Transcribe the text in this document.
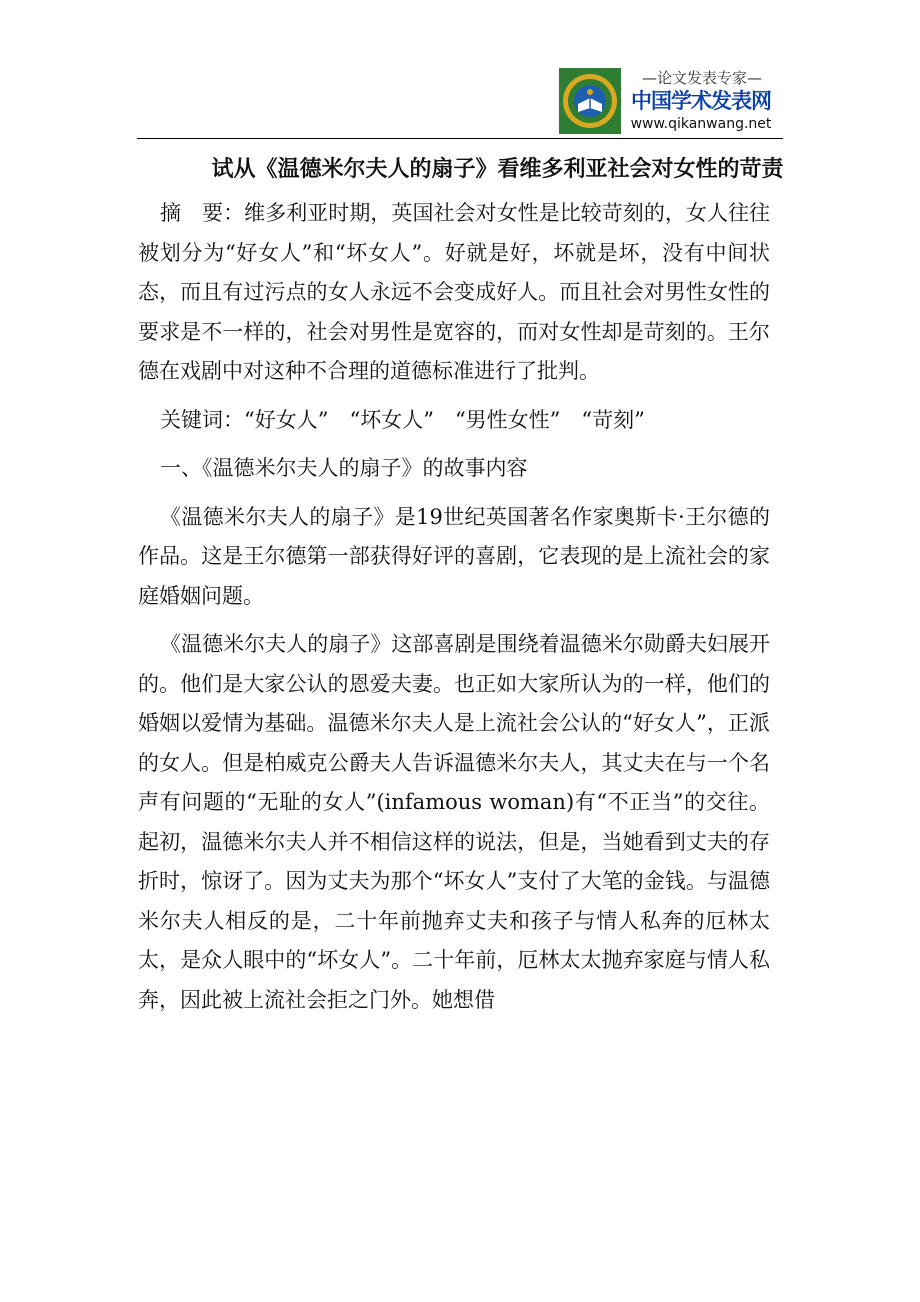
—论文发表专家—
中国学术发表网
www.qikanwang.net
试从《温德米尔夫人的扇子》看维多利亚社会对女性的苛责

摘　要：维多利亚时期，英国社会对女性是比较苛刻的，女人往往被划分为“好女人”和“坏女人”。好就是好，坏就是坏，没有中间状态，而且有过污点的女人永远不会变成好人。而且社会对男性女性的要求是不一样的，社会对男性是宽容的，而对女性却是苛刻的。王尔德在戏剧中对这种不合理的道德标准进行了批判。

关键词：“好女人”　“坏女人”　“男性女性”　“苛刻”

一、《温德米尔夫人的扇子》的故事内容

《温德米尔夫人的扇子》是19世纪英国著名作家奥斯卡·王尔德的作品。这是王尔德第一部获得好评的喜剧，它表现的是上流社会的家庭婚姻问题。

《温德米尔夫人的扇子》这部喜剧是围绕着温德米尔勋爵夫妇展开的。他们是大家公认的恩爱夫妻。也正如大家所认为的一样，他们的婚姻以爱情为基础。温德米尔夫人是上流社会公认的“好女人”，正派的女人。但是柏威克公爵夫人告诉温德米尔夫人，其丈夫在与一个名声有问题的“无耻的女人”(infamous woman)有“不正当”的交往。起初，温德米尔夫人并不相信这样的说法，但是，当她看到丈夫的存折时，惊讶了。因为丈夫为那个“坏女人”支付了大笔的金钱。与温德米尔夫人相反的是，二十年前抛弃丈夫和孩子与情人私奔的厄林太太，是众人眼中的“坏女人”。二十年前，厄林太太抛弃家庭与情人私奔，因此被上流社会拒之门外。她想借
